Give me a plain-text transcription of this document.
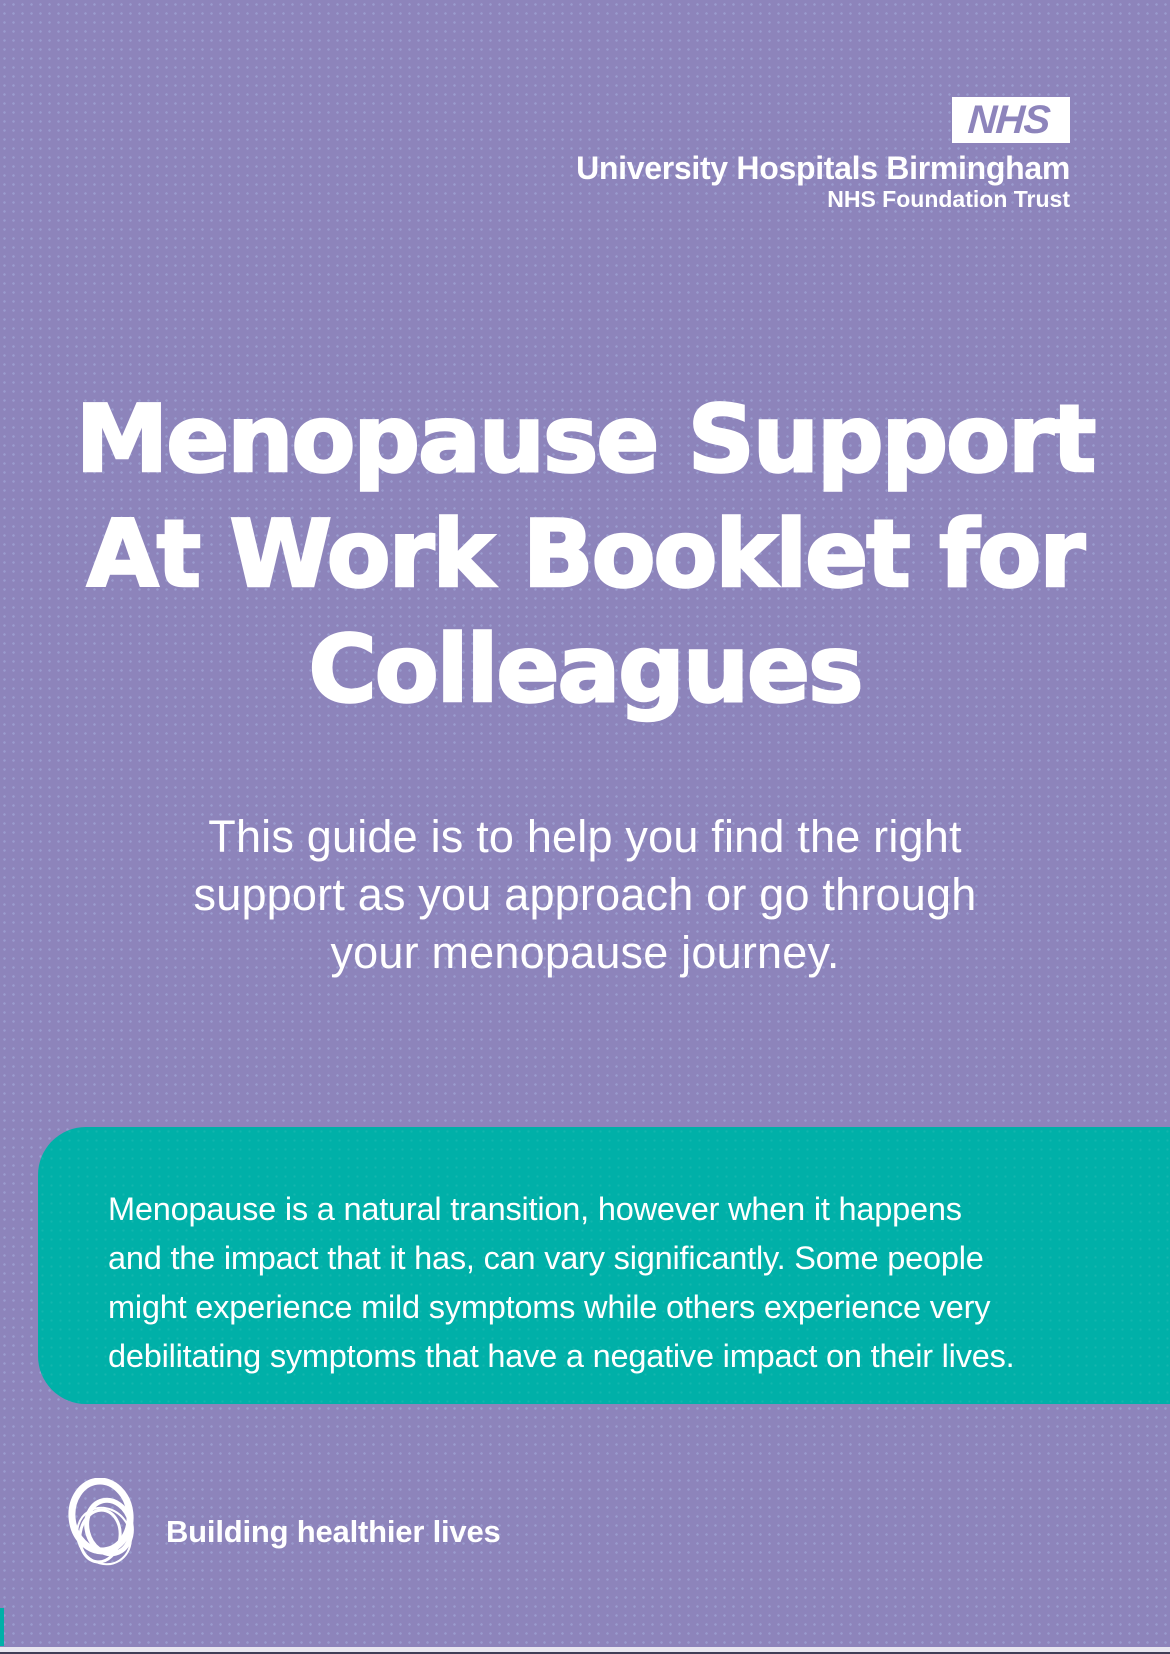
NHS
University Hospitals Birmingham
NHS Foundation Trust
Menopause Support
At Work Booklet for
Colleagues
This guide is to help you find the right
support as you approach or go through
your menopause journey.
Menopause is a natural transition, however when it happens
and the impact that it has, can vary significantly. Some people
might experience mild symptoms while others experience very
debilitating symptoms that have a negative impact on their lives.
Building healthier lives
